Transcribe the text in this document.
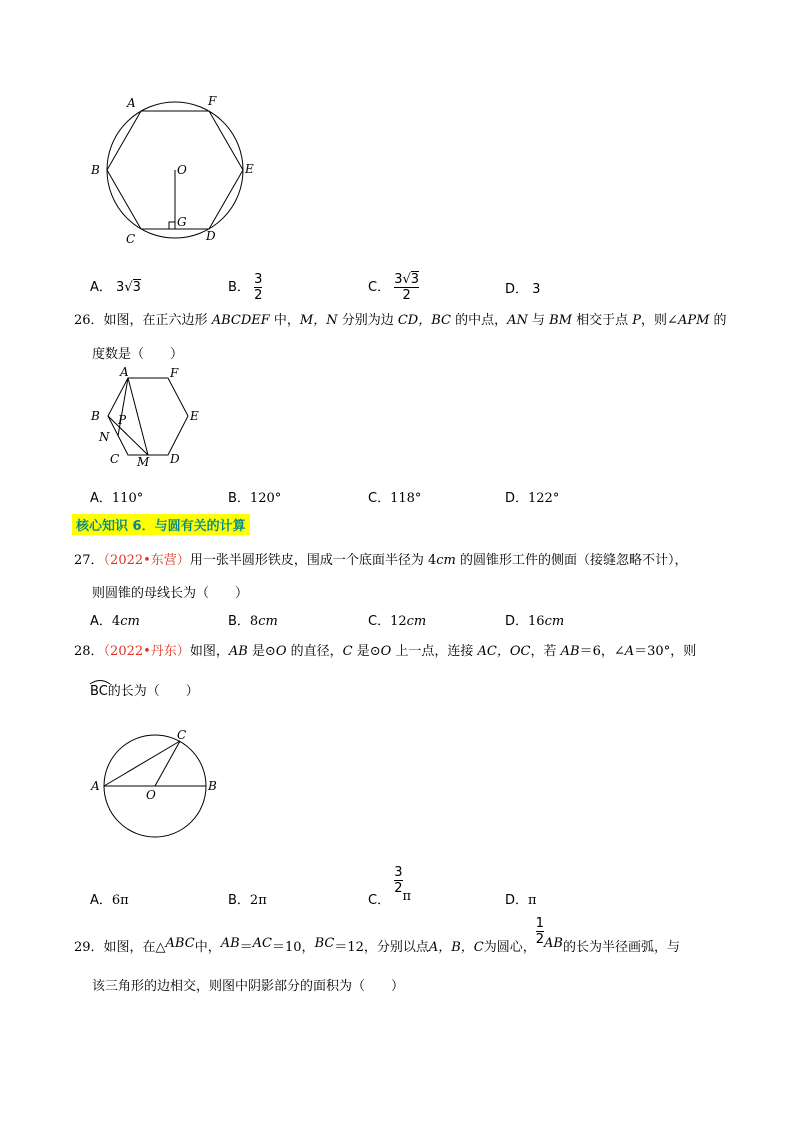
A	F
B	O	E
G
C	D
A． 3√3	B． $\frac{3}{2}$	C． $\frac{3√3}{2}$	D． 3
26．如图，在正六边形 ABCDEF 中，M，N 分别为边 CD，BC 的中点，AN 与 BM 相交于点 P，则∠APM 的
度数是（　　）
A	F
B P	E
N
C M D
A．110°	B．120°	C．118°	D．122°
核心知识 6．与圆有关的计算
27．（2022•东营）用一张半圆形铁皮，围成一个底面半径为 4cm 的圆锥形工件的侧面（接缝忽略不计），
则圆锥的母线长为（　　）
A．4cm	B．8cm	C．12cm	D．16cm
28．（2022•丹东）如图，AB 是⊙O 的直径，C 是⊙O 上一点，连接 AC，OC，若 AB＝6，∠A＝30°，则
BC的长为（　　）
C
A
O
B
A．6π	B．2π	C．
$\frac{3}{2}$
π	D．π
29．如图，在△ABC中，AB＝AC＝10，BC＝12，分别以点A，B，C为圆心，
$\frac{1}{2}$ AB的长为半径画弧，与
该三角形的边相交，则图中阴影部分的面积为（　　）
